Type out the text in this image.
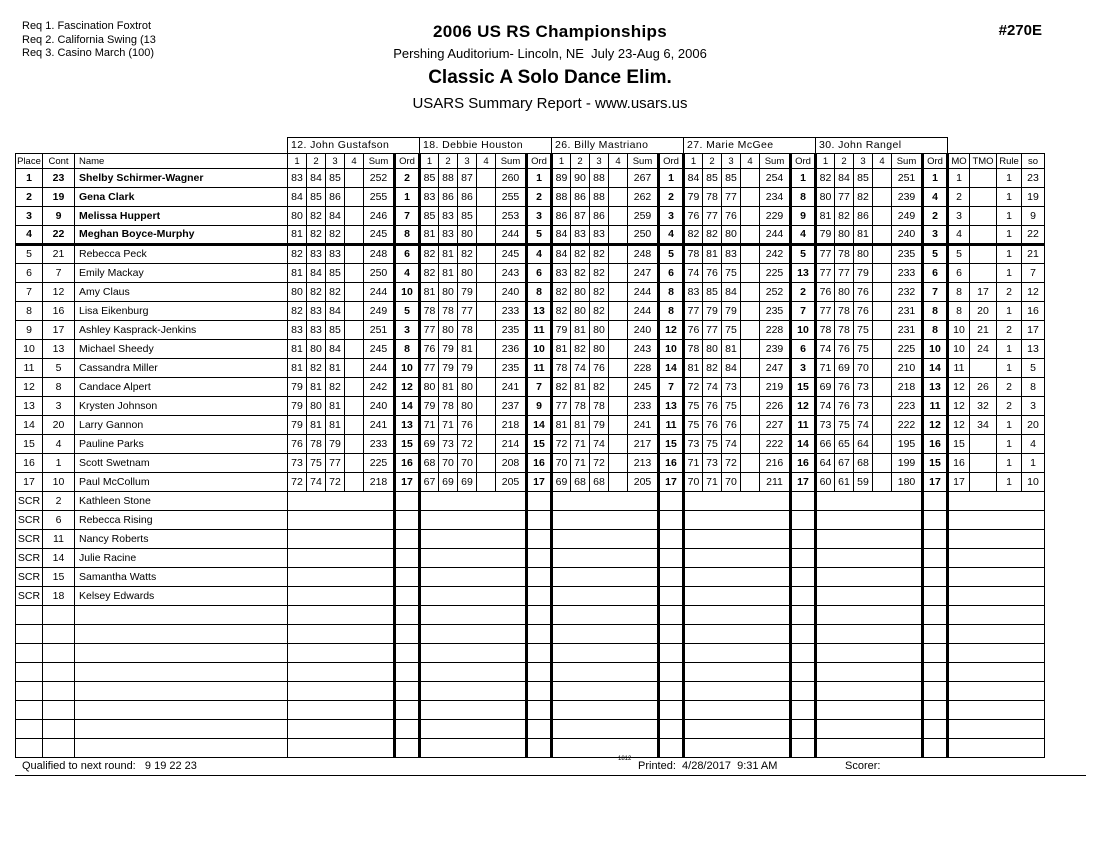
Req 1. Fascination Foxtrot
Req 2. California Swing (13
Req 3. Casino March (100)
#270E
2006 US RS Championships
Pershing Auditorium- Lincoln, NE  July 23-Aug 6, 2006
Classic A Solo Dance Elim.
USARS Summary Report - www.usars.us
			12. John Gustafson						18. Debbie Houston						26. Billy Mastriano						27. Marie McGee						30. John Rangel									
Place	Cont	Name	1	2	3	4	Sum	Ord	1	2	3	4	Sum	Ord	1	2	3	4	Sum	Ord	1	2	3	4	Sum	Ord	1	2	3	4	Sum	Ord	MO	TMO	Rule	so
1	23	Shelby Schirmer-Wagner	83	84	85		252	2	85	88	87		260	1	89	90	88		267	1	84	85	85		254	1	82	84	85		251	1	1		1	23
2	19	Gena Clark	84	85	86		255	1	83	86	86		255	2	88	86	88		262	2	79	78	77		234	8	80	77	82		239	4	2		1	19
3	9	Melissa Huppert	80	82	84		246	7	85	83	85		253	3	86	87	86		259	3	76	77	76		229	9	81	82	86		249	2	3		1	9
4	22	Meghan Boyce-Murphy	81	82	82		245	8	81	83	80		244	5	84	83	83		250	4	82	82	80		244	4	79	80	81		240	3	4		1	22
5	21	Rebecca Peck	82	83	83		248	6	82	81	82		245	4	84	82	82		248	5	78	81	83		242	5	77	78	80		235	5	5		1	21
6	7	Emily Mackay	81	84	85		250	4	82	81	80		243	6	83	82	82		247	6	74	76	75		225	13	77	77	79		233	6	6		1	7
7	12	Amy Claus	80	82	82		244	10	81	80	79		240	8	82	80	82		244	8	83	85	84		252	2	76	80	76		232	7	8	17	2	12
8	16	Lisa Eikenburg	82	83	84		249	5	78	78	77		233	13	82	80	82		244	8	77	79	79		235	7	77	78	76		231	8	8	20	1	16
9	17	Ashley Kasprack-Jenkins	83	83	85		251	3	77	80	78		235	11	79	81	80		240	12	76	77	75		228	10	78	78	75		231	8	10	21	2	17
10	13	Michael Sheedy	81	80	84		245	8	76	79	81		236	10	81	82	80		243	10	78	80	81		239	6	74	76	75		225	10	10	24	1	13
11	5	Cassandra Miller	81	82	81		244	10	77	79	79		235	11	78	74	76		228	14	81	82	84		247	3	71	69	70		210	14	11		1	5
12	8	Candace Alpert	79	81	82		242	12	80	81	80		241	7	82	81	82		245	7	72	74	73		219	15	69	76	73		218	13	12	26	2	8
13	3	Krysten Johnson	79	80	81		240	14	79	78	80		237	9	77	78	78		233	13	75	76	75		226	12	74	76	73		223	11	12	32	2	3
14	20	Larry Gannon	79	81	81		241	13	71	71	76		218	14	81	81	79		241	11	75	76	76		227	11	73	75	74		222	12	12	34	1	20
15	4	Pauline Parks	76	78	79		233	15	69	73	72		214	15	72	71	74		217	15	73	75	74		222	14	66	65	64		195	16	15		1	4
16	1	Scott Swetnam	73	75	77		225	16	68	70	70		208	16	70	71	72		213	16	71	73	72		216	16	64	67	68		199	15	16		1	1
17	10	Paul McCollum	72	74	72		218	17	67	69	69		205	17	69	68	68		205	17	70	71	70		211	17	60	61	59		180	17	17		1	10
SCR	2	Kathleen Stone																																		
SCR	6	Rebecca Rising																																		
SCR	11	Nancy Roberts																																		
SCR	14	Julie Racine																																		
SCR	15	Samantha Watts																																		
SCR	18	Kelsey Edwards																																		

Qualified to next round:   9 19 22 23
1812
Printed:  4/28/2017  9:31 AM	Scorer:
